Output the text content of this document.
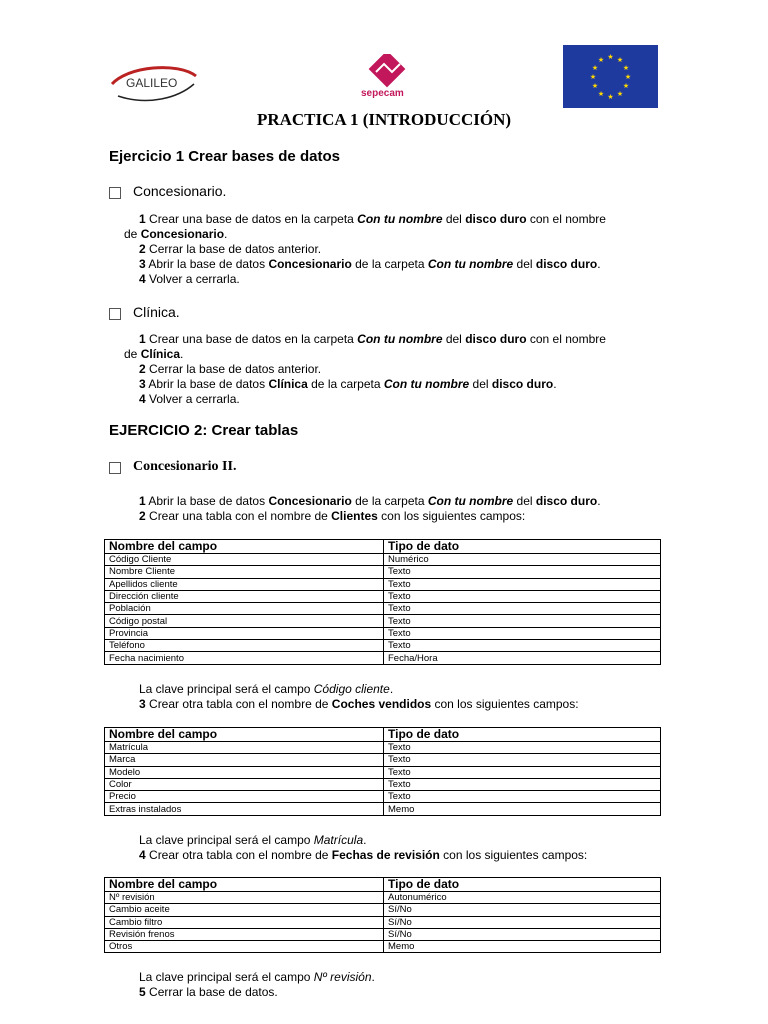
GALILEO
sepecam
★ ★
★
★
★
★
★
★
★
★
★
★
PRACTICA 1 (INTRODUCCIÓN)
Ejercicio 1 Crear bases de datos
Concesionario.
1 Crear una base de datos en la carpeta Con tu nombre del disco duro con el nombre
de Concesionario.
2 Cerrar la base de datos anterior.
3 Abrir la base de datos Concesionario de la carpeta Con tu nombre del disco duro.
4 Volver a cerrarla.
Clínica.
1 Crear una base de datos en la carpeta Con tu nombre del disco duro con el nombre
de Clínica.
2 Cerrar la base de datos anterior.
3 Abrir la base de datos Clínica de la carpeta Con tu nombre del disco duro.
4 Volver a cerrarla.
EJERCICIO 2: Crear tablas
Concesionario II.
1 Abrir la base de datos Concesionario de la carpeta Con tu nombre del disco duro.
2 Crear una tabla con el nombre de Clientes con los siguientes campos:
Nombre del campo	Tipo de dato
Código Cliente	Numérico
Nombre Cliente	Texto
Apellidos cliente	Texto
Dirección cliente	Texto
Población	Texto
Código postal	Texto
Provincia	Texto
Teléfono	Texto
Fecha nacimiento	Fecha/Hora
La clave principal será el campo Código cliente.
3 Crear otra tabla con el nombre de Coches vendidos con los siguientes campos:
Nombre del campo	Tipo de dato
Matrícula	Texto
Marca	Texto
Modelo	Texto
Color	Texto
Precio	Texto
Extras instalados	Memo
La clave principal será el campo Matrícula.
4 Crear otra tabla con el nombre de Fechas de revisión con los siguientes campos:
Nombre del campo	Tipo de dato
Nº revisión	Autonumérico
Cambio aceite	Sí/No
Cambio filtro	Sí/No
Revisión frenos	Sí/No
Otros	Memo
La clave principal será el campo Nº revisión.
5 Cerrar la base de datos.
